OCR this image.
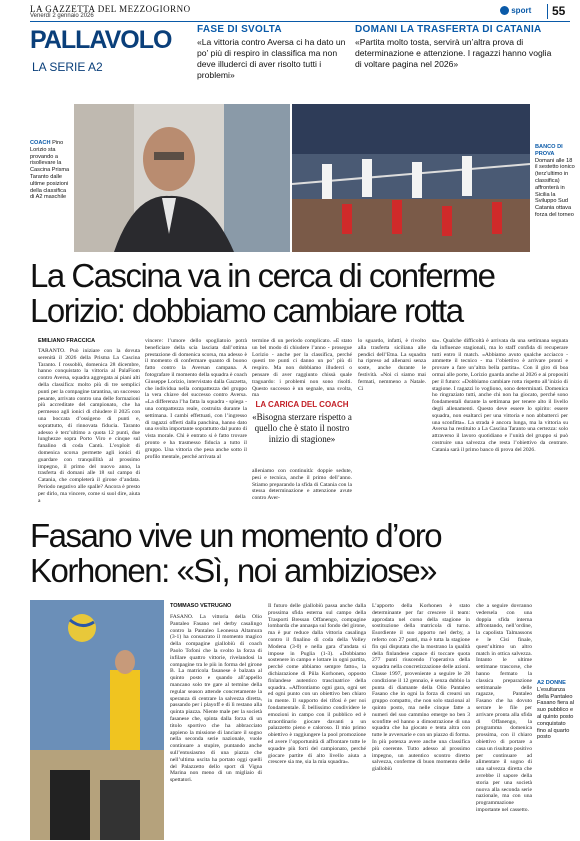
LA GAZZETTA DEL MEZZOGIORNO
Venerdì 2 gennaio 2026
sport 55
PALLAVOLO
LA SERIE A2
FASE DI SVOLTA
«La vittoria contro Aversa ci ha dato un po’ più di respiro in classifica ma non deve illuderci di aver risolto tutti i problemi»
DOMANI LA TRASFERTA DI CATANIA
«Partita molto tosta, servirà un’altra prova di determinazione e attenzione. I ragazzi hanno voglia di voltare pagina nel 2026»
COACH Pino Lorizio sta provando a risollevare la Cascina Prisma Taranto dalle ultime posizioni della classifica di A2 maschile
BANCO DI PROVA
Domani alle 18 il sestetto ionico (terz’ultimo in classifica) affronterà in Sicilia la Sviluppo Sud Catania ottava forza del torneo
La Cascina va in cerca di conferme
Lorizio: dobbiamo cambiare rotta
EMILIANO FRACCICA
TARANTO. Può iniziare con la dovuta serenità il 2026 della Prisma La Cascina Taranto. I rossoblù, domenica 28 dicembre, hanno conquistato la vittoria al PalaFiom contro Aversa, squadra aggregata ai piani alti della classifica: molto più di tre semplici punti per la compagine tarantina, un successo pesante, arrivato contro una delle formazioni più accreditate del campionato, che ha permesso agli ionici di chiudere il 2025 con una boccata d’ossigeno di punti e, soprattutto, di rinnovata fiducia. Taranto adesso è terz’ultimo a quota 12 punti, due lunghezze sopra Porto Viro e cinque sul fanalino di coda Cantù. L’exploit di domenica scorsa permette agli ionici di guardare con tranquillità al prossimo impegno, il primo del nuovo anno, la trasferta di domani alle 18 sul campo di Catania, che completerà il girone d’andata. Periodo negativo alle spalle? Ancora è presto per dirlo, ma vincere, come si suol dire, aiuta a
vincere: l’umore dello spogliatoio potrà beneficiare della scia lasciata dall’ottima prestazione di domenica scorsa, ma adesso è il momento di confermare quanto di buono fatto contro la Aversan campana. A fotografare il momento della squadra è coach Giuseppe Lorizio, intervistato dalla Gazzetta, che individua nella compattezza del gruppo la vera chiave del successo contro Aversa. «La differenza l’ha fatta la squadra - spiega - una compattezza reale, costruita durante la settimana. I cambi effettuati, con l’ingresso di ragazzi offerti dalla panchina, hanno dato una svolta importante soprattutto dal punto di vista morale. Chi è entrato si è fatto trovare pronto e ha trasmesso fiducia a tutto il gruppo. Una vittoria che pesa anche sotto il profilo mentale, perché arrivata al
termine di un periodo complicato. «È stato un bel modo di chiudere l’anno - prosegue Lorizio - anche per la classifica, perché questi tre punti ci danno un po’ più di respiro. Ma non dobbiamo illuderci o pensare di aver raggiunto chissà quale traguardo: i problemi non sono risolti. Questo successo è un segnale, una svolta, ma
LA CARICA DEL COACH
«Bisogna sterzare rispetto a quello che è stato il nostro inizio di stagione»
alleniamo con continuità: doppie sedute, pesi e tecnica, anche il primo dell’anno. Stiamo preparando la sfida di Catania con la stessa determinazione e attenzione avute contro Aver-
lo sguardo, infatti, è rivolto alla trasferta siciliana alle pendici dell’Etna. La squadra ha ripreso ad allenarsi senza soste, anche durante le festività. «Noi ci siamo mai fermati, nemmeno a Natale. Ci
sa». Qualche difficoltà è arrivata da una settimana segnata da influenze stagionali, ma lo staff confida di recuperare tutti entro il match. «Abbiamo avuto qualche acciacco - ammette il tecnico - ma l’obiettivo è arrivare pronti e provare a fare un’altra bella partita». Con il giro di boa ormai alle porte, Lorizio guarda anche al 2026 e ai propositi per il futuro: «Dobbiamo cambiare rotta rispetto all’inizio di stagione. I ragazzi lo vogliono, sono determinati. Domenica ho ringraziato tutti, anche chi non ha giocato, perché sono fondamentali durante la settimana per tenere alto il livello degli allenamenti. Questo deve essere lo spirito: essere squadra, non esaltarci per una vittoria e non abbatterci per una sconfitta». La strada è ancora lunga, ma la vittoria su Aversa ha restituito a La Cascina Taranto una certezza: solo attraverso il lavoro quotidiano e l’unità del gruppo si può costruire una salvezza che resta l’obiettivo da centrare. Catania sarà il primo banco di prova del 2026.
Fasano vive un momento d’oro
Korhonen: «Sì, noi ambiziose»
TOMMASO VETRUGNO
FASANO. La vittoria della Olio Pantaleo Fasano nel derby casalingo contro la Pantaleo Leonessa Altamura (3-1) ha consacrato il momento magico della compagine giallobiù di coach Paolo Tofoni che la svolto la forza di infilare quattro vittorie, rivelandosi la compagine tra le più in forma del girone B. La matricola fasanese è balzata al quinto posto e quando all’appello mancano solo tre gare al termine della regular season attende concretamente la speranza di centrare la salvezza diretta, passando per i playoff e di lì restano alla quinta piazza. Niente male per la società fasanese che, spinta dalla forza di un titolo sportivo che ha abbracciato appieno la missione di lanciare il sogno nella seconda serie nazionale, vuole continuare a stupire, puntando anche sull’entusiasmo di una piazza che nell’ultima uscita ha portato oggi quelli del Palazzetto dello sport di Vigna Marina non meno di un migliaio di spettatori.
Il futuro delle giallobiù passa anche dalla prossima sfida esterna sul campo della Trasporti Bressan Offanengo, compagine lombarda che annaspa sul fondo del girone, ma è pur reduce dalla vittoria casalinga contro il finalino di coda della Volley Modena (3-0) e nella gara d’andata si impose in Puglia (1-3). «Dobbiamo sostenere in campo e lottare in ogni partita, perché come abbiamo sempre fatto», la dichiarazione di Piila Korhonen, opposto finlandese autentico trascinatrice della squadra. «Affrontiamo ogni gara, ogni set ed ogni punto con un obiettivo ben chiaro in mente. Il supporto dei tifosi è per noi fondamentale. È bellissimo condividere le emozioni in campo con il pubblico ed è straordinario giocare davanti a un palazzetto pieno e caloroso. Il mio primo obiettivo è raggiungere la pool promozione ed avere l’opportunità di affrontare tutte le squadre più forti del campionato, perché giocare partite di alto livello aiuta a crescere sia me, sia la mia squadra».
L’apporto della Korhonen è stato determinante per far crescere il team: approdata nel corso della stagione in sostituzione della matricola di turno. Esordiente il suo apporto nel derby, a referto con 27 punti, ma è tutta la stagione fin qui disputata che la mostrano la qualità della finlandese capace di toccare quota 277 punti riuscendo l’operativa della squadra nella concretizzazione delle azioni. Classe 1997, proveniente a seguire le 28 condizione il 12 gennaio, è senza dubbio la punta di diamante della Olio Pantaleo Fasano che in ogni la forza di crearsi un gruppo compatto, che non solo stazionai al quinto posto, ma nelle cinque fatte a numeri del suo cammino emerge no ben 3 sconfitte ed hanno a dimostrazione di una squadra che ha giocato e tenta altra con tutte le avversarie e con un piazzo di forma. In più potenza avere anche una classifica più coerente. Tutto adesso al prossimo impegno, un autentico scontro diretto salvezza, conferme di buon momento delle giallobiù
che a seguire dovranno vedersela con una doppia sfida interna affrontando, nell’ordine, la capolista Talmassons e le Cisi finale, quest’ultimo un altro match in ottica salvezza. Intanto le ultime settimane trascorse, che hanno fermato la classica preparazione settimanale delle ragazze, Pantaleo Fasano che ha dovuto serrare le file per arrivare pronta alla sfida di Offanengo, la programma domenica prossima, con il chiaro obiettivo di portare a casa un risultato positivo per continuare ad alimentare il sogno di una salvezza diretta che avrebbe il sapore della storia per una società nuova alla seconda serie nazionale, ma con una programmazione importante nel cassetto.
A2 DONNE
L’esultanza della Pantaleo Fasano fiera al suo pubblico e al quinto posto conquistato fino al quarto posto
